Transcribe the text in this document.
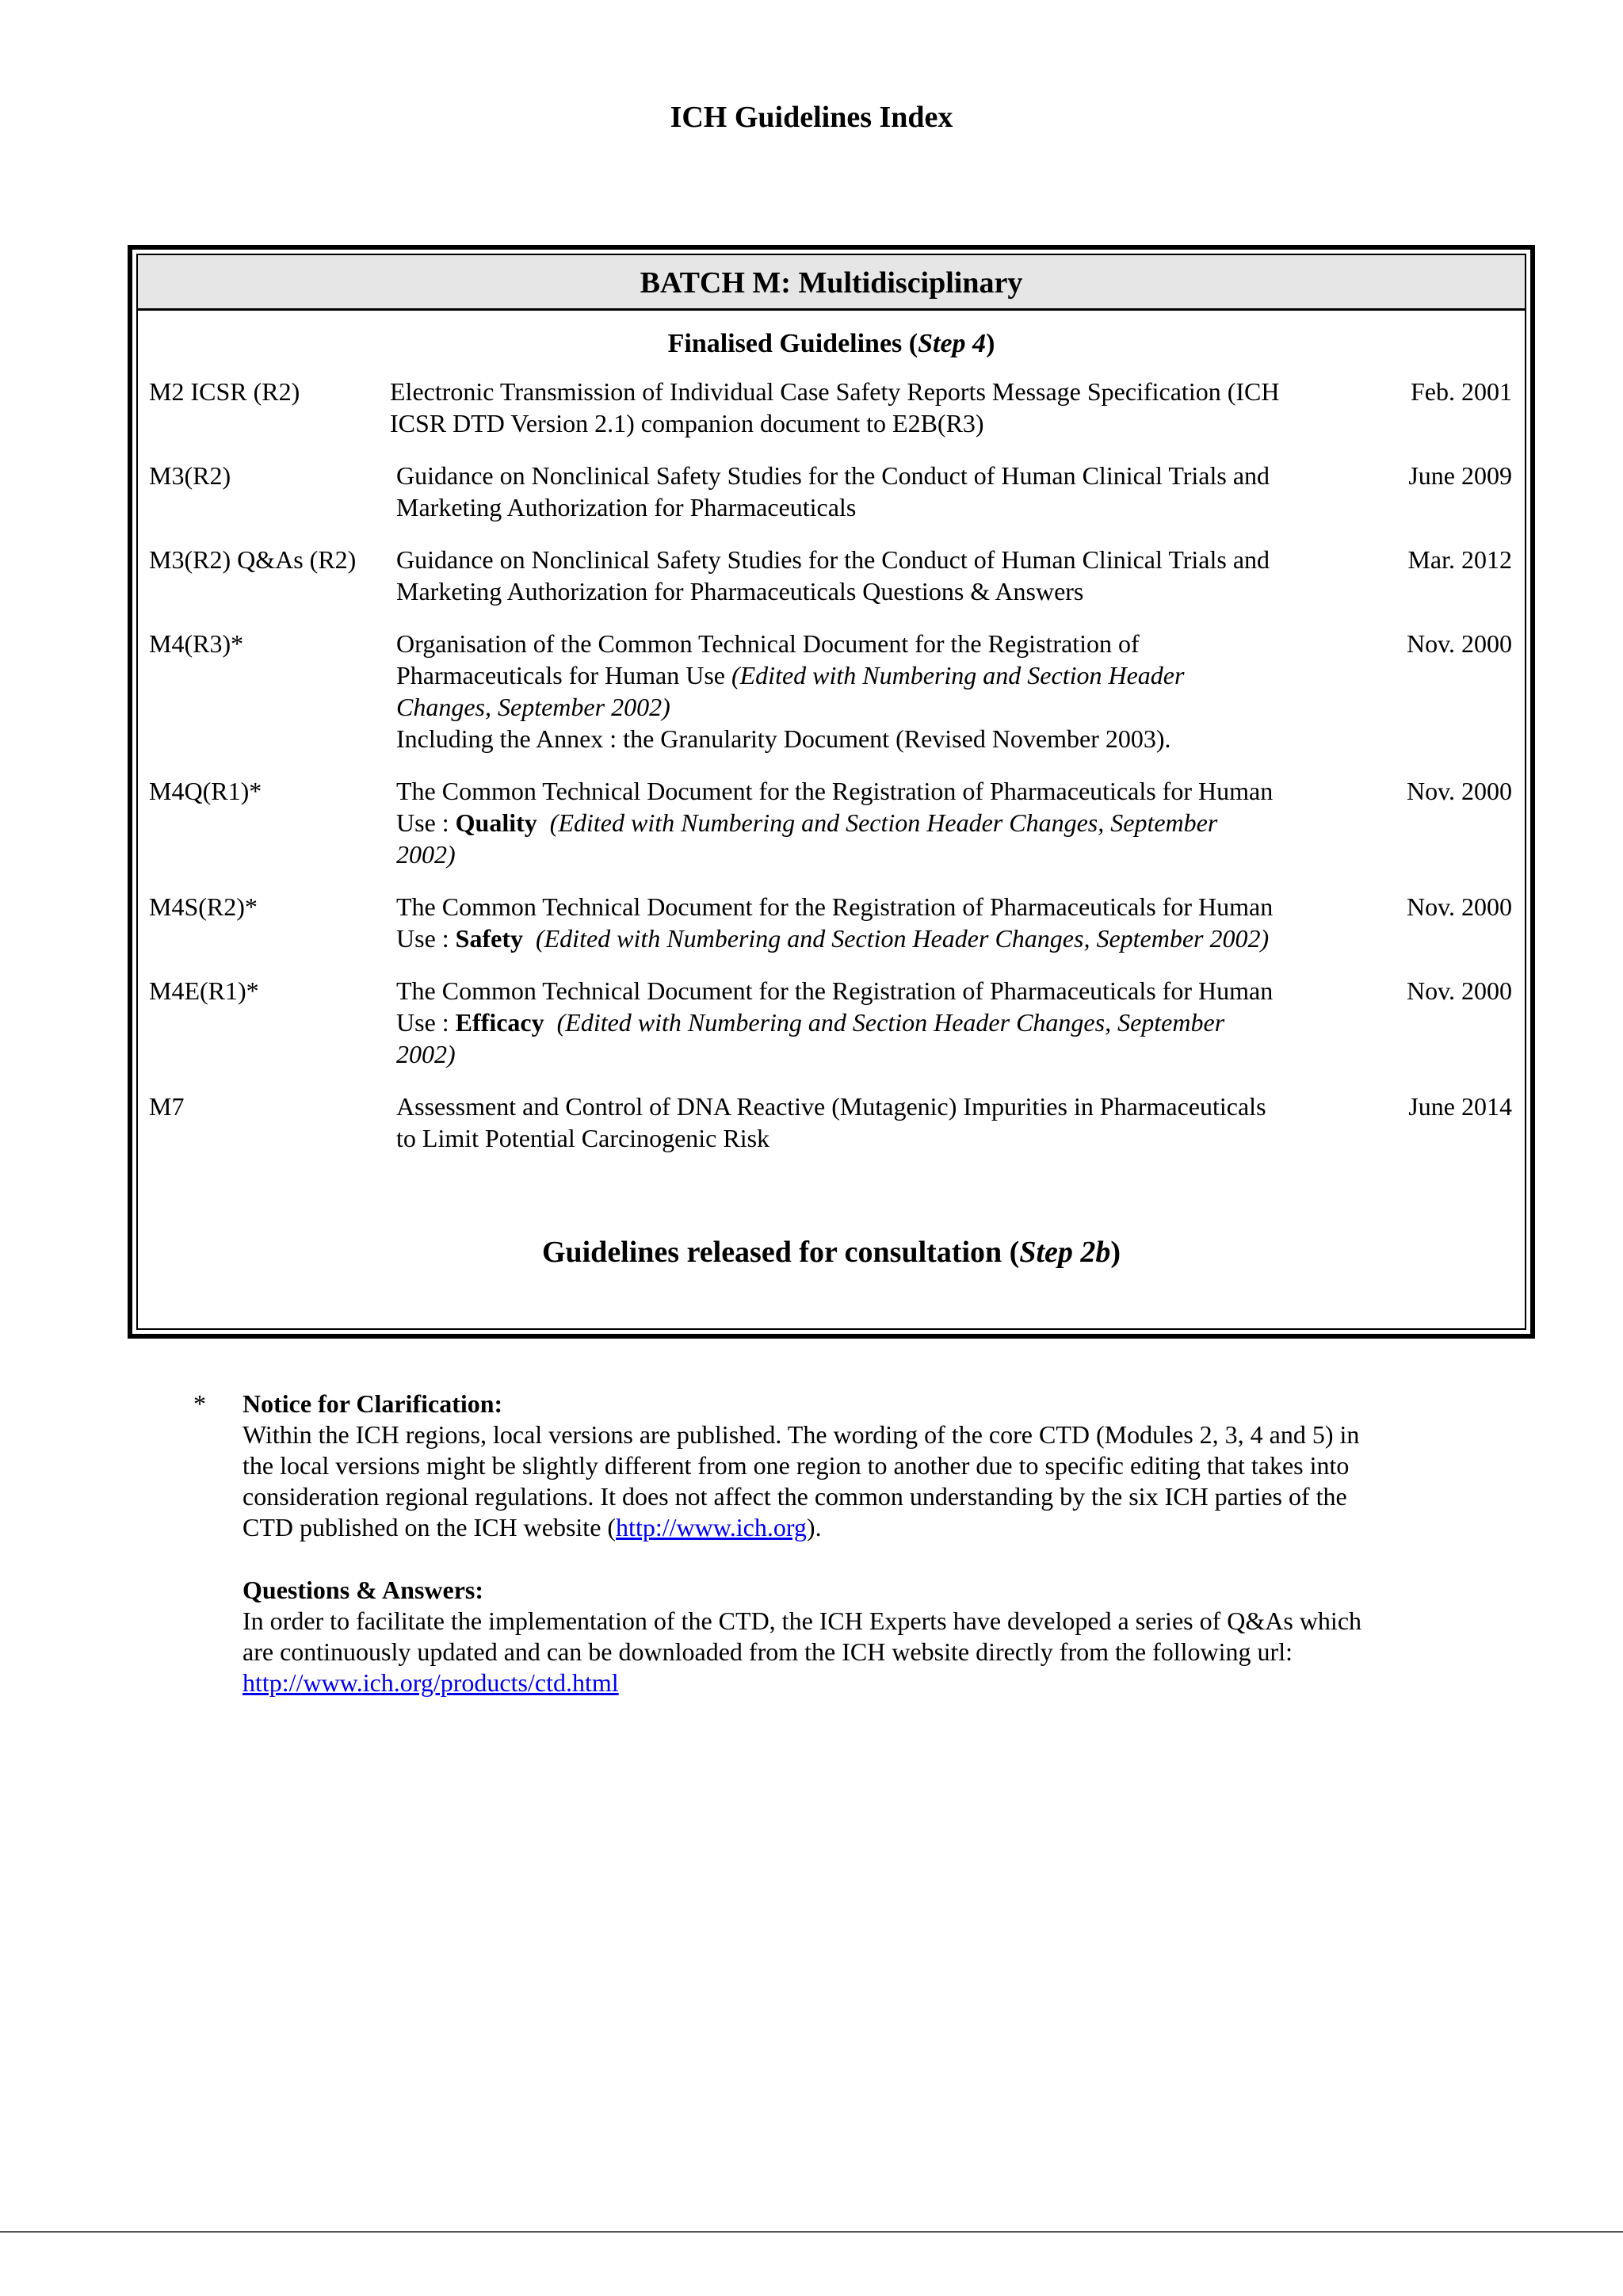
ICH Guidelines Index
BATCH M: Multidisciplinary
Finalised Guidelines (Step 4)
M2 ICSR (R2)	Electronic Transmission of Individual Case Safety Reports Message Specification (ICH
ICSR DTD Version 2.1) companion document to E2B(R3)
Feb. 2001
M3(R2)	Guidance on Nonclinical Safety Studies for the Conduct of Human Clinical Trials and
Marketing Authorization for Pharmaceuticals
June 2009
M3(R2) Q&As (R2)	Guidance on Nonclinical Safety Studies for the Conduct of Human Clinical Trials and
Marketing Authorization for Pharmaceuticals Questions & Answers
Mar. 2012
M4(R3)*	Organisation of the Common Technical Document for the Registration of
Pharmaceuticals for Human Use (Edited with Numbering and Section Header
Changes, September 2002)
Including the Annex : the Granularity Document (Revised November 2003).
Nov. 2000
M4Q(R1)*	The Common Technical Document for the Registration of Pharmaceuticals for Human
Use : Quality (Edited with Numbering and Section Header Changes, September
2002)
Nov. 2000
M4S(R2)*	The Common Technical Document for the Registration of Pharmaceuticals for Human
Use : Safety (Edited with Numbering and Section Header Changes, September 2002)
Nov. 2000
M4E(R1)*	The Common Technical Document for the Registration of Pharmaceuticals for Human
Use : Efficacy (Edited with Numbering and Section Header Changes, September
2002)
Nov. 2000
M7	Assessment and Control of DNA Reactive (Mutagenic) Impurities in Pharmaceuticals
to Limit Potential Carcinogenic Risk
June 2014
Guidelines released for consultation (Step 2b)
* Notice for Clarification:
Within the ICH regions, local versions are published. The wording of the core CTD (Modules 2, 3, 4 and 5) in
the local versions might be slightly different from one region to another due to specific editing that takes into
consideration regional regulations. It does not affect the common understanding by the six ICH parties of the
CTD published on the ICH website (http://www.ich.org).
Questions & Answers:
In order to facilitate the implementation of the CTD, the ICH Experts have developed a series of Q&As which
are continuously updated and can be downloaded from the ICH website directly from the following url:
http://www.ich.org/products/ctd.html
